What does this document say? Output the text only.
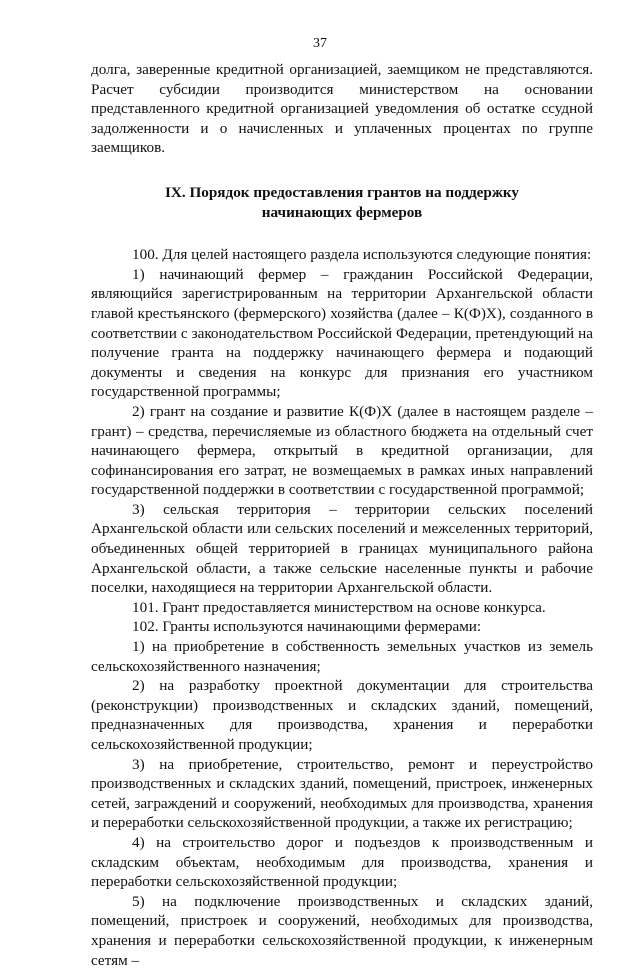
37

долга, заверенные кредитной организацией, заемщиком не представляются. Расчет субсидии производится министерством на основании представленного кредитной организацией уведомления об остатке ссудной задолженности и о начисленных и уплаченных процентах по группе заемщиков.

IX. Порядок предоставления грантов на поддержку
начинающих фермеров

100. Для целей настоящего раздела используются следующие понятия:

1) начинающий фермер – гражданин Российской Федерации, являющийся зарегистрированным на территории Архангельской области главой крестьянского (фермерского) хозяйства (далее – К(Ф)Х), созданного в соответствии с законодательством Российской Федерации, претендующий на получение гранта на поддержку начинающего фермера и подающий документы и сведения на конкурс для признания его участником государственной программы;

2) грант на создание и развитие К(Ф)Х (далее в настоящем разделе – грант) – средства, перечисляемые из областного бюджета на отдельный счет начинающего фермера, открытый в кредитной организации, для софинансирования его затрат, не возмещаемых в рамках иных направлений государственной поддержки в соответствии с государственной программой;

3) сельская территория – территории сельских поселений Архангельской области или сельских поселений и межселенных территорий, объединенных общей территорией в границах муниципального района Архангельской области, а также сельские населенные пункты и рабочие поселки, находящиеся на территории Архангельской области.

101. Грант предоставляется министерством на основе конкурса.

102. Гранты используются начинающими фермерами:

1) на приобретение в собственность земельных участков из земель сельскохозяйственного назначения;

2) на разработку проектной документации для строительства (реконструкции) производственных и складских зданий, помещений, предназначенных для производства, хранения и переработки сельскохозяйственной продукции;

3) на приобретение, строительство, ремонт и переустройство производственных и складских зданий, помещений, пристроек, инженерных сетей, заграждений и сооружений, необходимых для производства, хранения и переработки сельскохозяйственной продукции, а также их регистрацию;

4) на строительство дорог и подъездов к производственным и складским объектам, необходимым для производства, хранения и переработки сельскохозяйственной продукции;

5) на подключение производственных и складских зданий, помещений, пристроек и сооружений, необходимых для производства, хранения и переработки сельскохозяйственной продукции, к инженерным сетям –
